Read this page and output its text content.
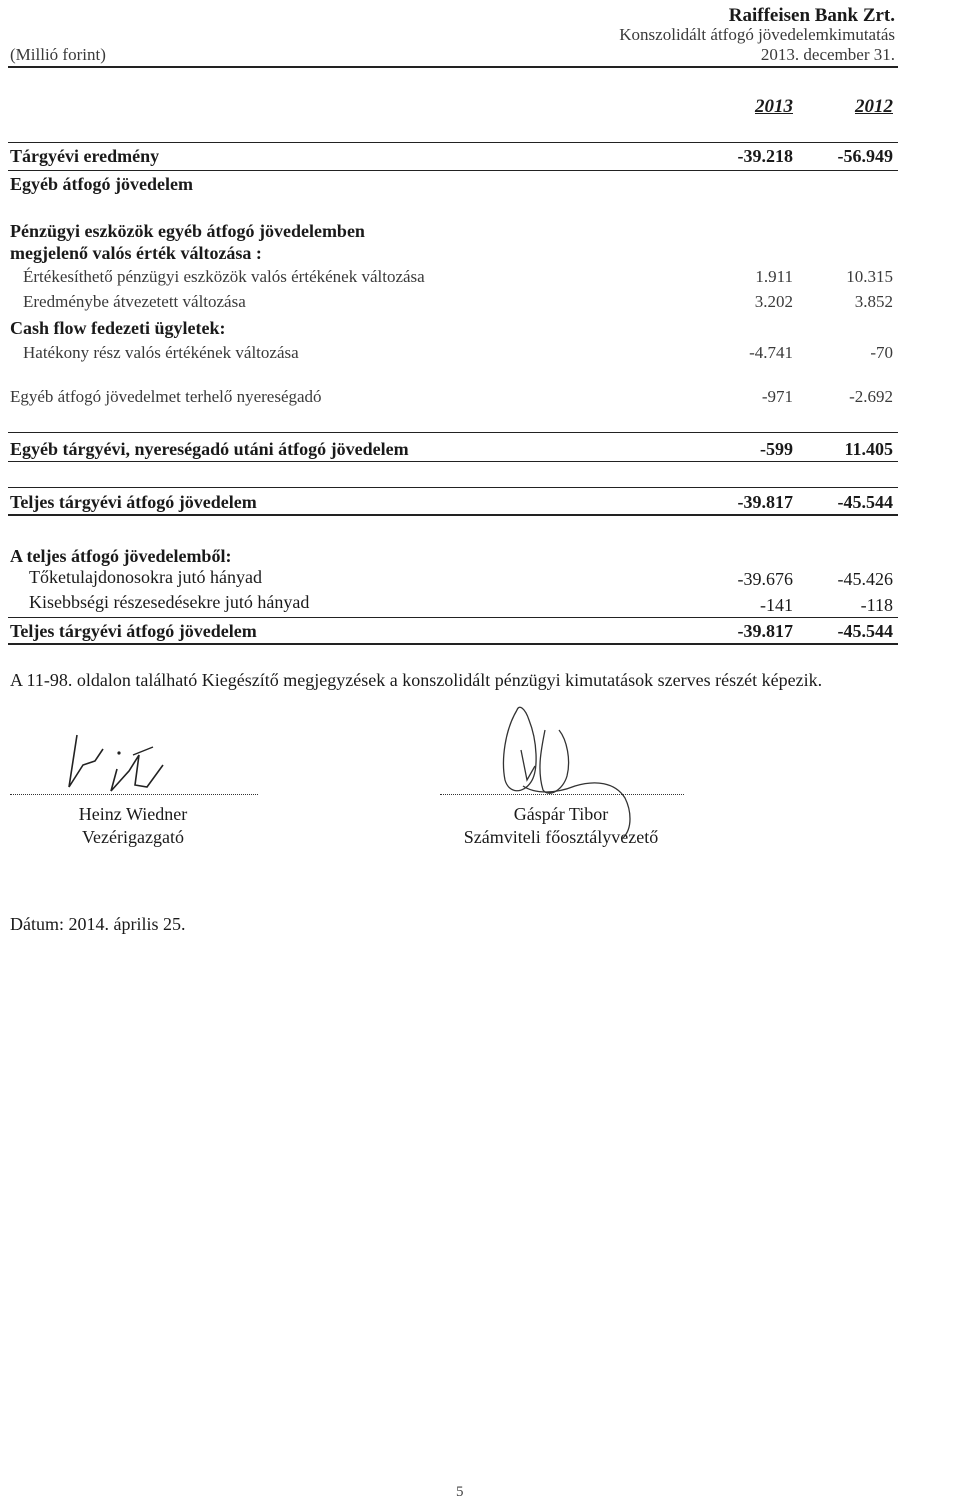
Raiffeisen Bank Zrt.
Konszolidált átfogó jövedelemkimutatás
(Millió forint)	2013. december 31.
2013	2012
Tárgyévi eredmény	-39.218 -56.949
Egyéb átfogó jövedelem
Pénzügyi eszközök egyéb átfogó jövedelemben
megjelenő valós érték változása :
Értékesíthető pénzügyi eszközök valós értékének változása	1.911	10.315
Eredménybe átvezetett változása	3.202	3.852
Cash flow fedezeti ügyletek:
Hatékony rész valós értékének változása	-4.741	-70
Egyéb átfogó jövedelmet terhelő nyereségadó	-971	-2.692
Egyéb tárgyévi, nyereségadó utáni átfogó jövedelem	-599	11.405
Teljes tárgyévi átfogó jövedelem	-39.817 -45.544
A teljes átfogó jövedelemből:
Tőketulajdonosokra jutó hányad	-39.676 -45.426
Kisebbségi részesedésekre jutó hányad	-141	-118
Teljes tárgyévi átfogó jövedelem	-39.817 -45.544
A 11-98. oldalon található Kiegészítő megjegyzések a konszolidált pénzügyi kimutatások szerves részét képezik.
Heinz Wiedner
Vezérigazgató
Gáspár Tibor
Számviteli főosztályvezető
Dátum: 2014. április 25.
5
